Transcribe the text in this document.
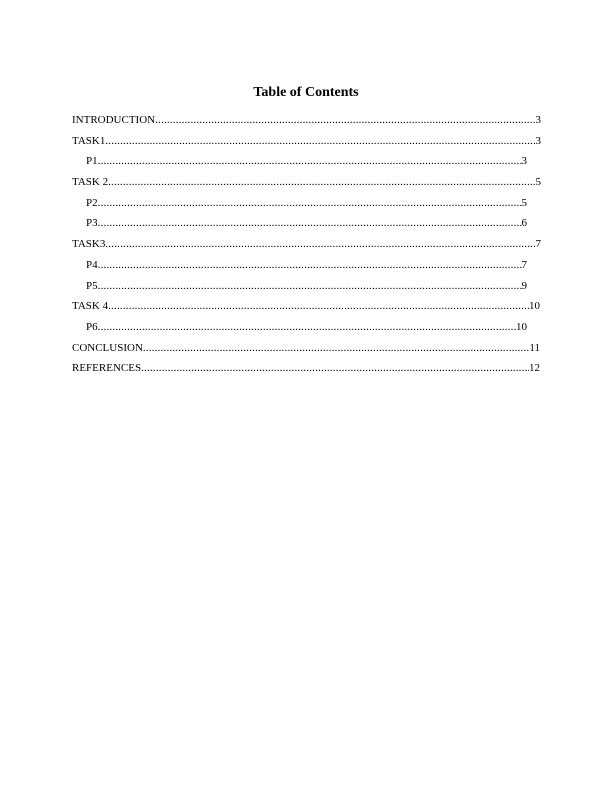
Table of Contents
INTRODUCTION .....	3
TASK1 .....	3
P1 .....	3
TASK 2 .....	5
P2 .....	5
P3 .....	6
TASK3 .....	7
P4 .....	7
P5 .....	9
TASK 4 .....	10
P6 .....	10
CONCLUSION .....	11
REFERENCES .....	12
